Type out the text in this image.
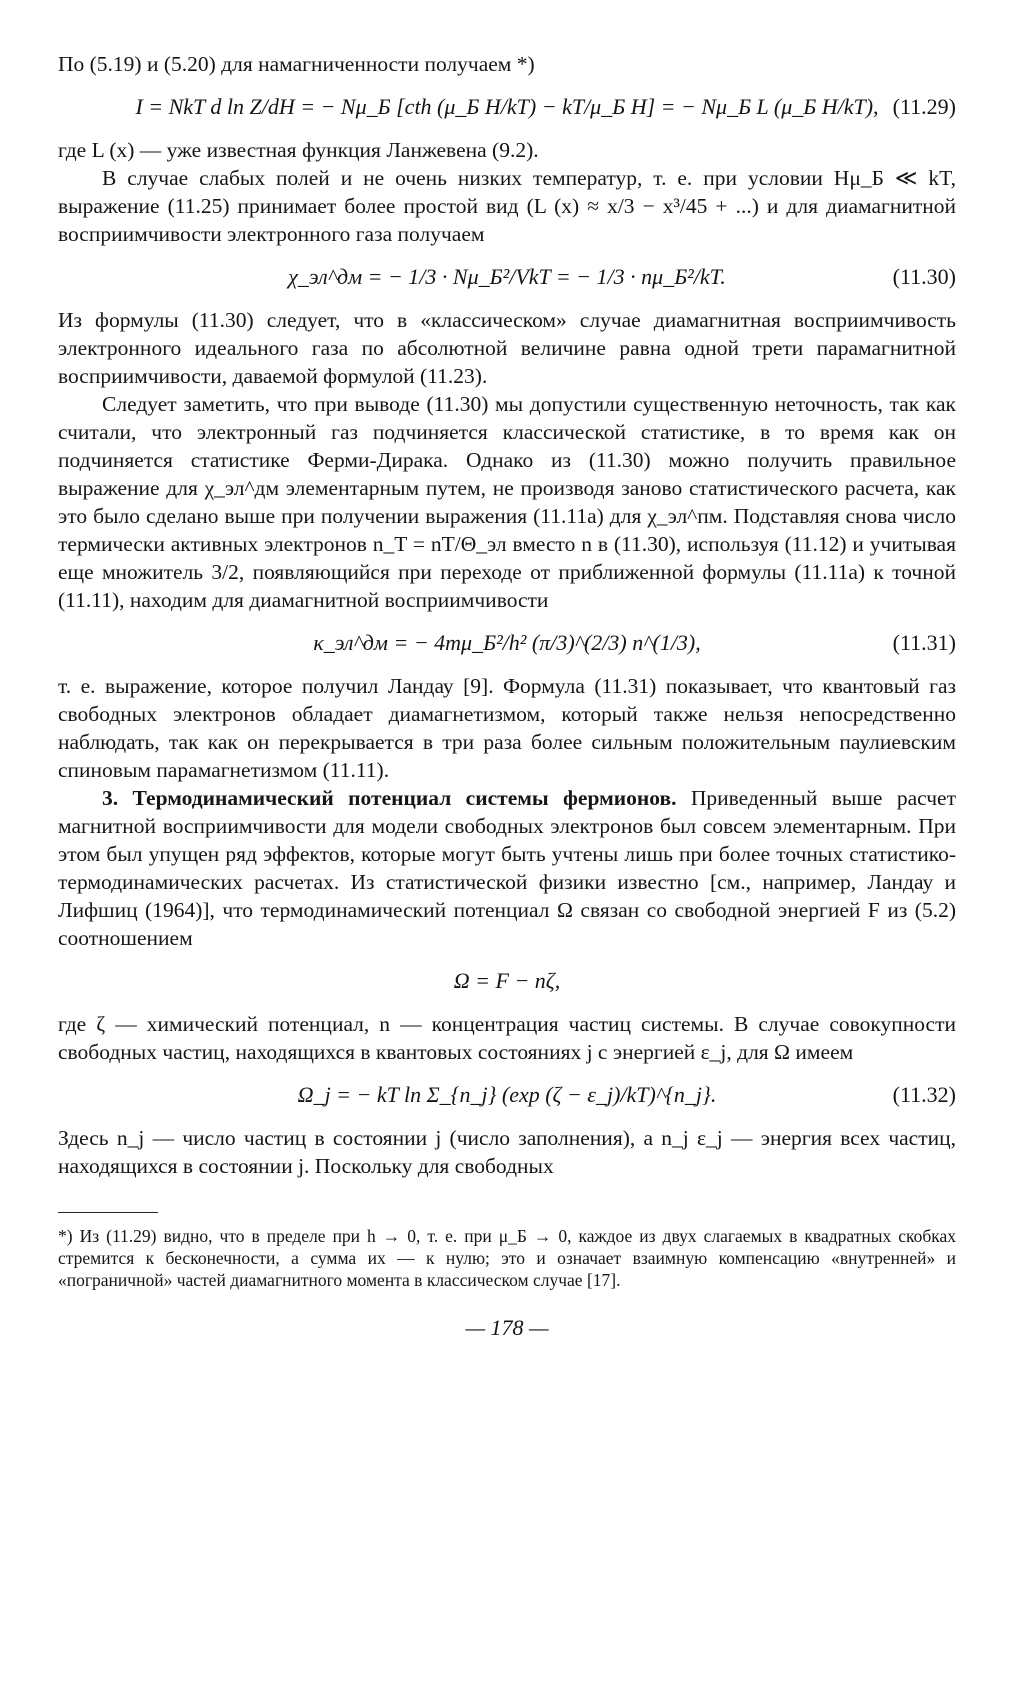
По (5.19) и (5.20) для намагниченности получаем *)

I = NkT d ln Z/dH = − Nμ_Б [cth (μ_Б H/kT) − kT/μ_Б H] = − Nμ_Б L (μ_Б H/kT), (11.29)

где L (x) — уже известная функция Ланжевена (9.2).

В случае слабых полей и не очень низких температур, т. е. при условии Hμ_Б ≪ kT, выражение (11.25) принимает более простой вид (L (x) ≈ x/3 − x³/45 + ...) и для диамагнитной восприимчивости электронного газа получаем

χ_эл^дм = − 1/3 · Nμ_Б²/VkT = − 1/3 · nμ_Б²/kT.	(11.30)

Из формулы (11.30) следует, что в «классическом» случае диамагнитная восприимчивость электронного идеального газа по абсолютной величине равна одной трети парамагнитной восприимчивости, даваемой формулой (11.23).

Следует заметить, что при выводе (11.30) мы допустили существенную неточность, так как считали, что электронный газ подчиняется классической статистике, в то время как он подчиняется статистике Ферми-Дирака. Однако из (11.30) можно получить правильное выражение для χ_эл^дм элементарным путем, не производя заново статистического расчета, как это было сделано выше при получении выражения (11.11а) для χ_эл^пм. Подставляя снова число термически активных электронов n_T = nT/Θ_эл вместо n в (11.30), используя (11.12) и учитывая еще множитель 3/2, появляющийся при переходе от приближенной формулы (11.11а) к точной (11.11), находим для диамагнитной восприимчивости

κ_эл^дм = − 4mμ_Б²/h² (π/3)^(2/3) n^(1/3),	(11.31)

т. е. выражение, которое получил Ландау [9]. Формула (11.31) показывает, что квантовый газ свободных электронов обладает диамагнетизмом, который также нельзя непосредственно наблюдать, так как он перекрывается в три раза более сильным положительным паулиевским спиновым парамагнетизмом (11.11).

3. Термодинамический потенциал системы фермионов. Приведенный выше расчет магнитной восприимчивости для модели свободных электронов был совсем элементарным. При этом был упущен ряд эффектов, которые могут быть учтены лишь при более точных статистико-термодинамических расчетах. Из статистической физики известно [см., например, Ландау и Лифшиц (1964)], что термодинамический потенциал Ω связан со свободной энергией F из (5.2) соотношением

Ω = F − nζ,

где ζ — химический потенциал, n — концентрация частиц системы. В случае совокупности свободных частиц, находящихся в квантовых состояниях j с энергией ε_j, для Ω имеем

Ω_j = − kT ln Σ_{n_j} (exp (ζ − ε_j)/kT)^{n_j}.	(11.32)

Здесь n_j — число частиц в состоянии j (число заполнения), а n_j ε_j — энергия всех частиц, находящихся в состоянии j. Поскольку для свободных

*) Из (11.29) видно, что в пределе при h → 0, т. е. при μ_Б → 0, каждое из двух слагаемых в квадратных скобках стремится к бесконечности, а сумма их — к нулю; это и означает взаимную компенсацию «внутренней» и «пограничной» частей диамагнитного момента в классическом случае [17].

— 178 —
